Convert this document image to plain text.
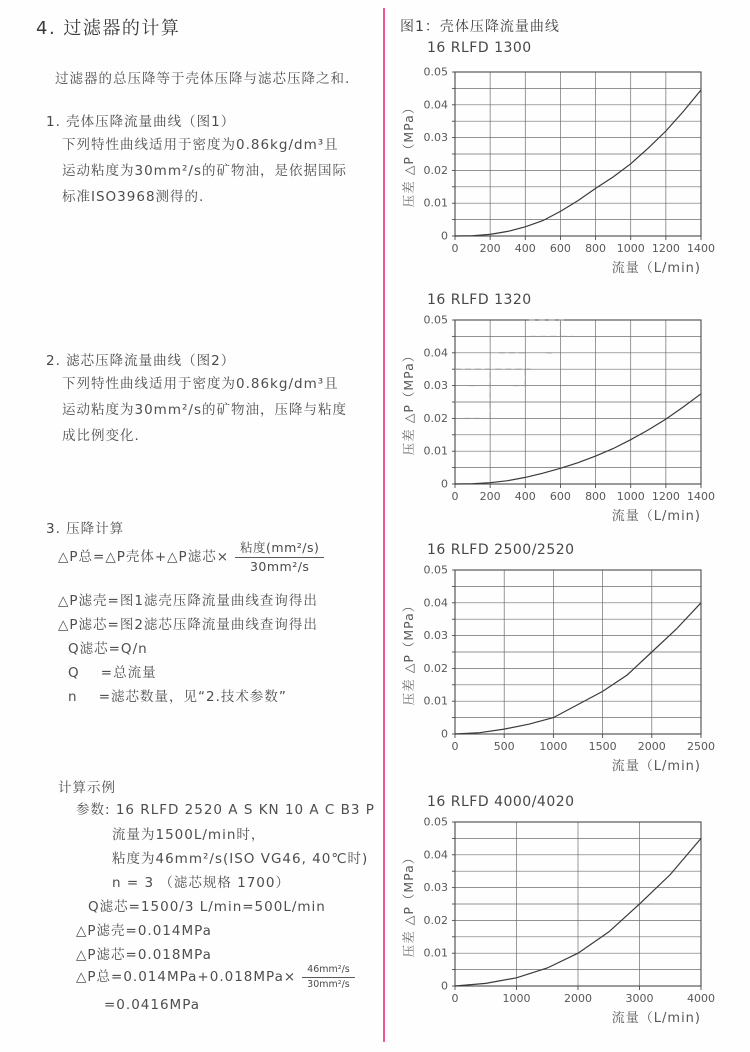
4. 过滤器的计算
过滤器的总压降等于壳体压降与滤芯压降之和.
1. 壳体压降流量曲线（图1）
下列特性曲线适用于密度为0.86kg/dm³且
运动粘度为30mm²/s的矿物油，是依据国际
标准ISO3968测得的.
2. 滤芯压降流量曲线（图2）
下列特性曲线适用于密度为0.86kg/dm³且
运动粘度为30mm²/s的矿物油，压降与粘度
成比例变化.
3. 压降计算
△P总=△P壳体+△P滤芯× $\frac{\text{粘度(mm²/s)}}{\text{30mm²/s}}$
△P滤壳=图1滤壳压降流量曲线查询得出
△P滤芯=图2滤芯压降流量曲线查询得出
Q滤芯=Q/n
Q    =总流量
n    =滤芯数量，见“2.技术参数”
计算示例
参数: 16 RLFD 2520 A S KN 10 A C B3 P
流量为1500L/min时，
粘度为46mm²/s(ISO VG46, 40℃时)
n = 3 （滤芯规格 1700）
Q滤芯=1500/3 L/min=500L/min
△P滤壳=0.014MPa
△P滤芯=0.018MPa
△P总$=0.014MPa+0.018MPa\times \frac{\text{46mm²/s}}{\text{30mm²/s}}$
=0.0416MPa
图1：壳体压降流量曲线
16 RLFD 1300
0
0.01
0.02
0.03
0.04
0.05
0 200 400 600 800 1000 1200 1400
压差 △P（MPa）
流量（L/min)
16 RLFD 1320
0
0.01
0.02
0.03
0.04
0.05
0 200 400 600 800 1000 1200 1400
压差 △P（MPa）
流量（L/min)
16 RLFD 2500/2520
0
0.01
0.02
0.03
0.04
0.05
0	500 1000 1500 2000 2500
压差 △P（MPa）
流量（L/min)
16 RLFD 4000/4020
0
0.01
0.02
0.03
0.04
0.05
0	1000	2000	3000	4000
压差 △P（MPa）
流量（L/min)
